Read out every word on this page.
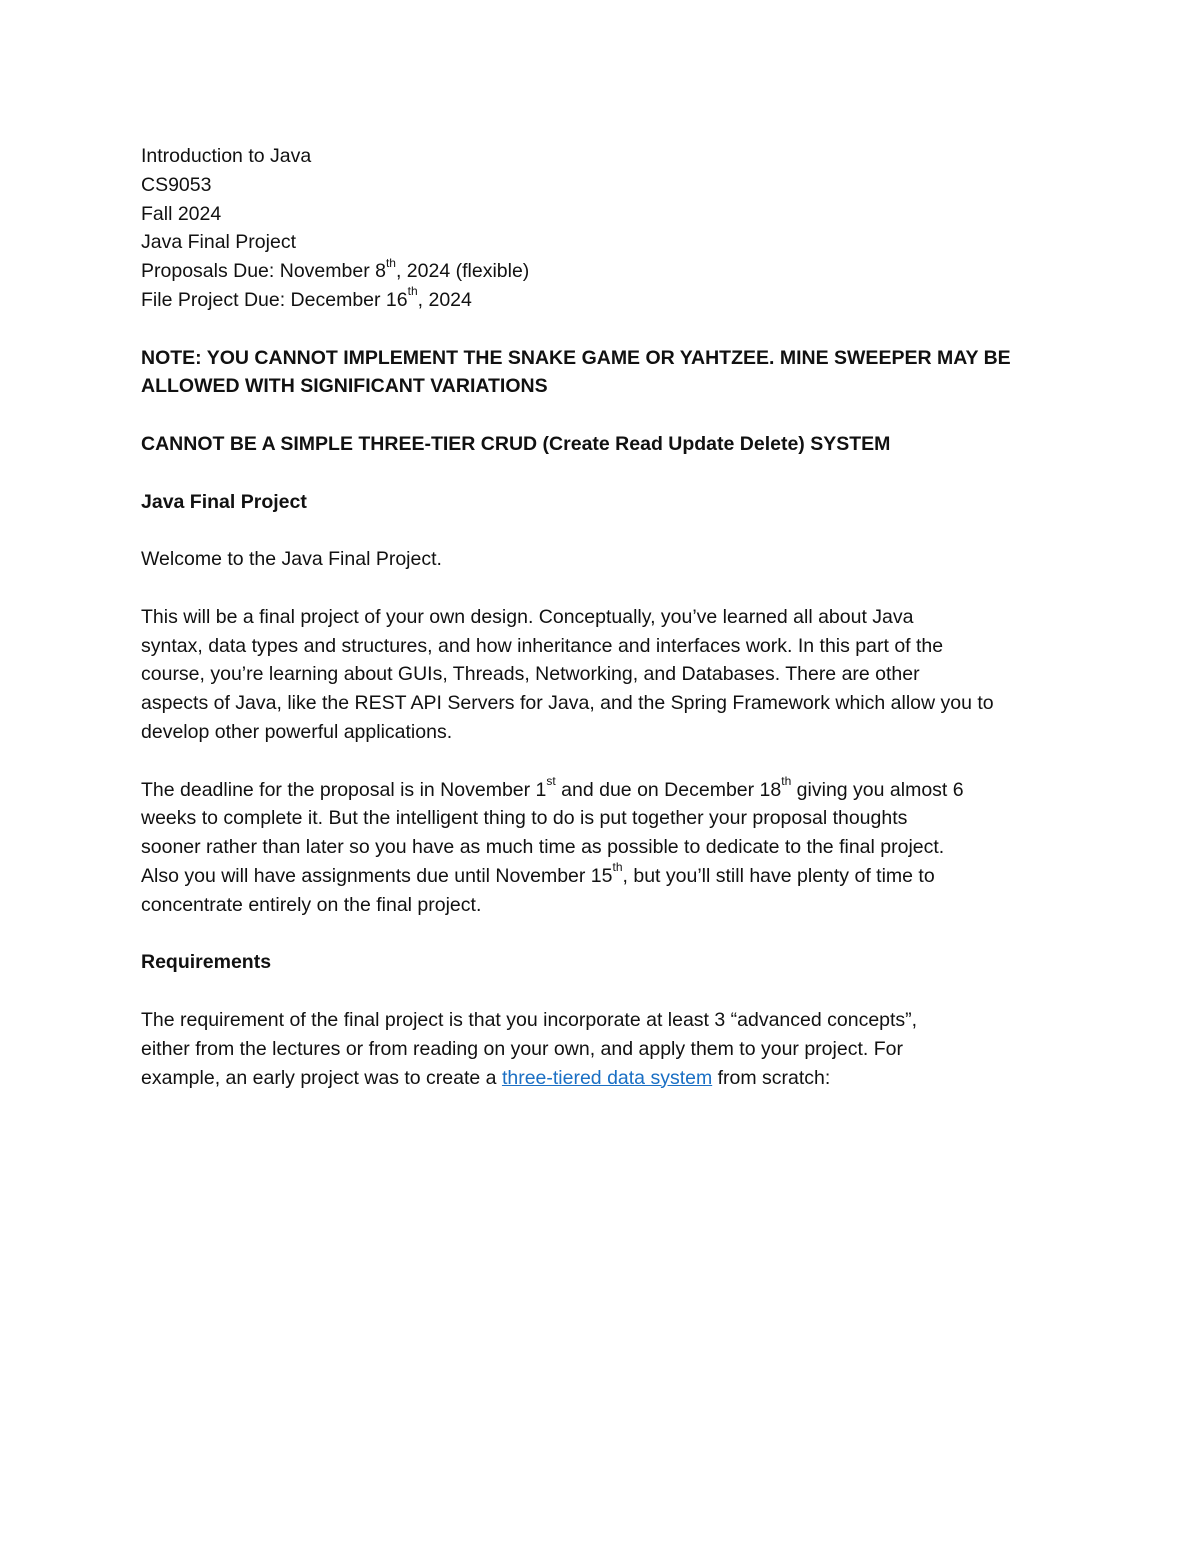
Introduction to Java
CS9053
Fall 2024
Java Final Project
Proposals Due: November 8th, 2024 (flexible)
File Project Due: December 16th, 2024
NOTE: YOU CANNOT IMPLEMENT THE SNAKE GAME OR YAHTZEE. MINE SWEEPER MAY BE
ALLOWED WITH SIGNIFICANT VARIATIONS
CANNOT BE A SIMPLE THREE-TIER CRUD (Create Read Update Delete) SYSTEM
Java Final Project
Welcome to the Java Final Project.

This will be a final project of your own design. Conceptually, you’ve learned all about Java
syntax, data types and structures, and how inheritance and interfaces work. In this part of the
course, you’re learning about GUIs, Threads, Networking, and Databases. There are other
aspects of Java, like the REST API Servers for Java, and the Spring Framework which allow you to
develop other powerful applications.

The deadline for the proposal is in November 1st and due on December 18th giving you almost 6
weeks to complete it. But the intelligent thing to do is put together your proposal thoughts
sooner rather than later so you have as much time as possible to dedicate to the final project.
Also you will have assignments due until November 15th, but you’ll still have plenty of time to
concentrate entirely on the final project.

Requirements

The requirement of the final project is that you incorporate at least 3 “advanced concepts”,
either from the lectures or from reading on your own, and apply them to your project. For
example, an early project was to create a three-tiered data system from scratch:
